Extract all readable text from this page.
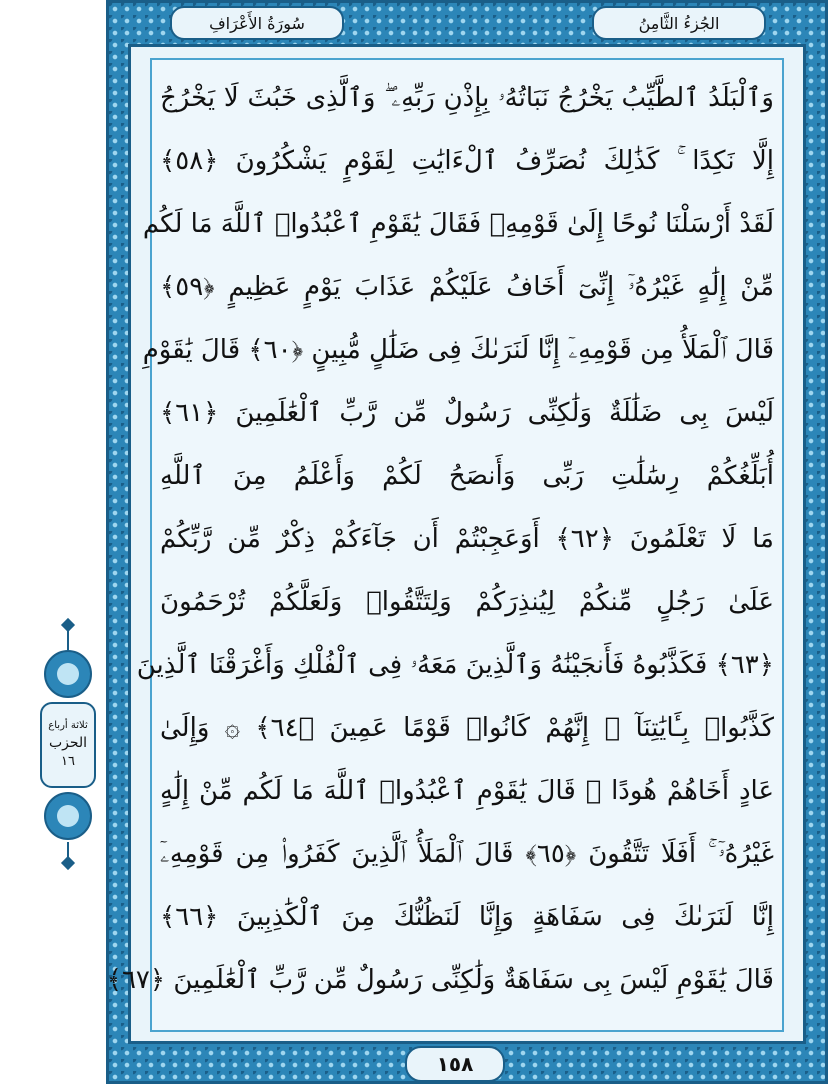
الجُزءُ الثَّامِنُ
سُورَةُ الأَعْرَافِ
وَٱلْبَلَدُ ٱلطَّيِّبُ يَخْرُجُ نَبَاتُهُۥ بِإِذْنِ رَبِّهِۦ ۖ وَٱلَّذِى خَبُثَ لَا يَخْرُجُ
إِلَّا نَكِدًا ۚ كَذَٰلِكَ نُصَرِّفُ ٱلْءَايَٰتِ لِقَوْمٍ يَشْكُرُونَ ﴿٥٨﴾
لَقَدْ أَرْسَلْنَا نُوحًا إِلَىٰ قَوْمِهِۦ فَقَالَ يَٰقَوْمِ ٱعْبُدُوا۟ ٱللَّهَ مَا لَكُم
مِّنْ إِلَٰهٍ غَيْرُهُۥٓ إِنِّىٓ أَخَافُ عَلَيْكُمْ عَذَابَ يَوْمٍ عَظِيمٍ ﴿٥٩﴾
قَالَ ٱلْمَلَأُ مِن قَوْمِهِۦٓ إِنَّا لَنَرَىٰكَ فِى ضَلَٰلٍ مُّبِينٍ ﴿٦٠﴾ قَالَ يَٰقَوْمِ
لَيْسَ بِى ضَلَٰلَةٌ وَلَٰكِنِّى رَسُولٌ مِّن رَّبِّ ٱلْعَٰلَمِينَ ﴿٦١﴾
أُبَلِّغُكُمْ رِسَٰلَٰتِ رَبِّى وَأَنصَحُ لَكُمْ وَأَعْلَمُ مِنَ ٱللَّهِ
مَا لَا تَعْلَمُونَ ﴿٦٢﴾ أَوَعَجِبْتُمْ أَن جَآءَكُمْ ذِكْرٌ مِّن رَّبِّكُمْ
عَلَىٰ رَجُلٍ مِّنكُمْ لِيُنذِرَكُمْ وَلِتَتَّقُوا۟ وَلَعَلَّكُمْ تُرْحَمُونَ
﴿٦٣﴾ فَكَذَّبُوهُ فَأَنجَيْنَٰهُ وَٱلَّذِينَ مَعَهُۥ فِى ٱلْفُلْكِ وَأَغْرَقْنَا ٱلَّذِينَ
كَذَّبُوا۟ بِـَٔايَٰتِنَآ ۚ إِنَّهُمْ كَانُوا۟ قَوْمًا عَمِينَ ﴿٦٤﴾ ۞ وَإِلَىٰ
عَادٍ أَخَاهُمْ هُودًا ۗ قَالَ يَٰقَوْمِ ٱعْبُدُوا۟ ٱللَّهَ مَا لَكُم مِّنْ إِلَٰهٍ
غَيْرُهُۥٓ ۚ أَفَلَا تَتَّقُونَ ﴿٦٥﴾ قَالَ ٱلْمَلَأُ ٱلَّذِينَ كَفَرُوا۟ مِن قَوْمِهِۦٓ
إِنَّا لَنَرَىٰكَ فِى سَفَاهَةٍ وَإِنَّا لَنَظُنُّكَ مِنَ ٱلْكَٰذِبِينَ ﴿٦٦﴾
قَالَ يَٰقَوْمِ لَيْسَ بِى سَفَاهَةٌ وَلَٰكِنِّى رَسُولٌ مِّن رَّبِّ ٱلْعَٰلَمِينَ ﴿٦٧﴾
١٥٨
ثلاثة أرباع
الحزب
١٦
